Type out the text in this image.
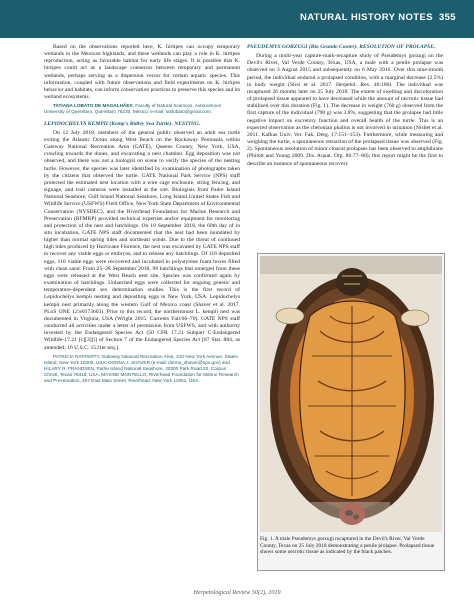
NATURAL HISTORY NOTES 355

Based on the observations reported here, K. hirtipes can occupy temporary wetlands in the Mexican highlands, and these wetlands can play a role in K. hirtipes reproduction, acting as favorable habitat for early life stages. It is possible that K. hirtipes could act as a landscape connector between temporary and permanent wetlands, perhaps serving as a dispersion vector for certain aquatic species. This information, coupled with future observations and field experiments on K. hirtipes behavior and habitats, can inform conservation practices to preserve this species and its wetland ecosystems.

TATIANA LOBATO DE MAGALHÃES, Faculty of Natural Sciences, Autonomous University of Querétaro, Querétaro 76230, Mexico; e-mail: tatilobato@gmail.com.

LEPIDOCHELYS KEMPII (Kemp's Ridley Sea Turtle). NESTING.

On 12 July 2018, members of the general public observed an adult sea turtle exiting the Atlantic Ocean along West Beach on the Rockaway Peninsula within Gateway National Recreation Area (GATE), Queens County, New York, USA, crawling towards the dunes, and excavating a nest chamber. Egg deposition was not observed, and there was not a biologist on scene to verify the species of the nesting turtle. However, the species was later identified by examination of photographs taken by the citizens that observed the turtle. GATE National Park Service (NPS) staff protected the estimated nest location with a wire cage enclosure, string fencing, and signage, and trail cameras were installed at the site. Biologists from Padre Island National Seashore, Gulf Island National Seashore, Long Island United States Fish and Wildlife Service (USFWS) Field Office, New York State Department of Environmental Conservation (NYSDEC), and the Riverhead Foundation for Marine Research and Preservation (RFMRP) provided technical expertise and/or equipment for monitoring and protection of the nest and hatchlings. On 10 September 2018, the 60th day of in situ incubation, GATE NPS staff documented that the nest had been inundated by higher than normal spring tides and northeast winds. Due to the threat of continued high tides produced by Hurricane Florence, the nest was excavated by GATE NPS staff to recover any viable eggs or embryos, and to release any hatchlings. Of 116 deposited eggs, 110 viable eggs were recovered and incubated in polystyrene foam boxes filled with clean sand. From 25–28 September 2018, 96 hatchlings that emerged from these eggs were released at the West Beach nest site. Species was confirmed again by examination of hatchlings. Unhatched eggs were collected for ongoing genetic and temperature-dependent sex determination studies. This is the first record of Lepidochelys kempii nesting and depositing eggs in New York, USA. Lepidochelys kempii nest primarily along the western Gulf of Mexico coast (Shaver et al. 2017. PLoS ONE 12:e0173603). Prior to this record, the northernmost L. kempii nest was documented in Virginia, USA (Wright 2015. Currents Fall:66–70). GATE NPS staff conducted all activities under a letter of permission from USFWS, and with authority invested by the Endangered Species Act (50 CFR 17.21 Subpart C-Endangered Wildlife-17.21 [c][3][i] of Section 7 of the Endangered Species Act [87 Stat. 884, as amended; 16 U.S.C. 1531et seq.].

PATRICIA RAFFERTY, Gateway National Recreation Area, 210 New York Avenue, Staten Island, New York 10305, USA; DONNA J. SHAVER (e-mail: donna_shaver@nps.gov) and HILARY R. FRANDSEN, Padre Island National Seashore, 20300 Park Road 22, Corpus Christi, Texas 78418, USA; MAXINE MONTELLO, Riverhead Foundation for Marine Research and Preservation, 467 East Main Street, Riverhead, New York 11901, USA.

PSEUDEMYS GORZUGI (Rio Grande Cooter). RESOLUTION OF PROLAPSE.

During a multi-year capture-mark-recapture study of Pseudemys gorzugi on the Devil's River, Val Verde County, Texas, USA, a male with a penile prolapse was observed on 3 August 2015 and subsequently on 6 May 2016. Over this nine-month period, the individual endured a prolapsed condition, with a marginal decrease (2.5%) in body weight (Sirsi et al. 2017. Herpetol. Rev. 48:180). The individual was recaptured 26 months later on 25 July 2018. The extent of swelling and discoloration of prolapsed tissue appeared to have decreased while the amount of necrotic tissue had stabilized over this duration (Fig. 1). The decrease in weight (760 g) observed from the first capture of the individual (790 g) was 3.8%, suggesting that the prolapse had little negative impact on excretory function and overall health of the turtle. This is an expected observation as the chelonian phallus is not involved in urination (Nisbet et al. 2011. Kafkas Univ. Vet. Fak. Derg. 17:151–153). Furthermore, while measuring and weighing the turtle, a spontaneous retraction of the prolapsed tissue was observed (Fig. 2). Spontaneous resolution of minor cloacal prolapses has been observed in amphibians (Philott and Young 2009. Dis. Aquat. Org. 86:77–80); this report might be the first to describe an instance of spontaneous recovery

Fig. 1. A male Pseudemys gorzugi recaptured in the Devil's River, Val Verde County, Texas on 25 July 2018 demonstrating a penile prolapse. Prolapsed tissue shows some necrotic tissue as indicated by the black patches.
Herpetological Review 50(2), 2019
